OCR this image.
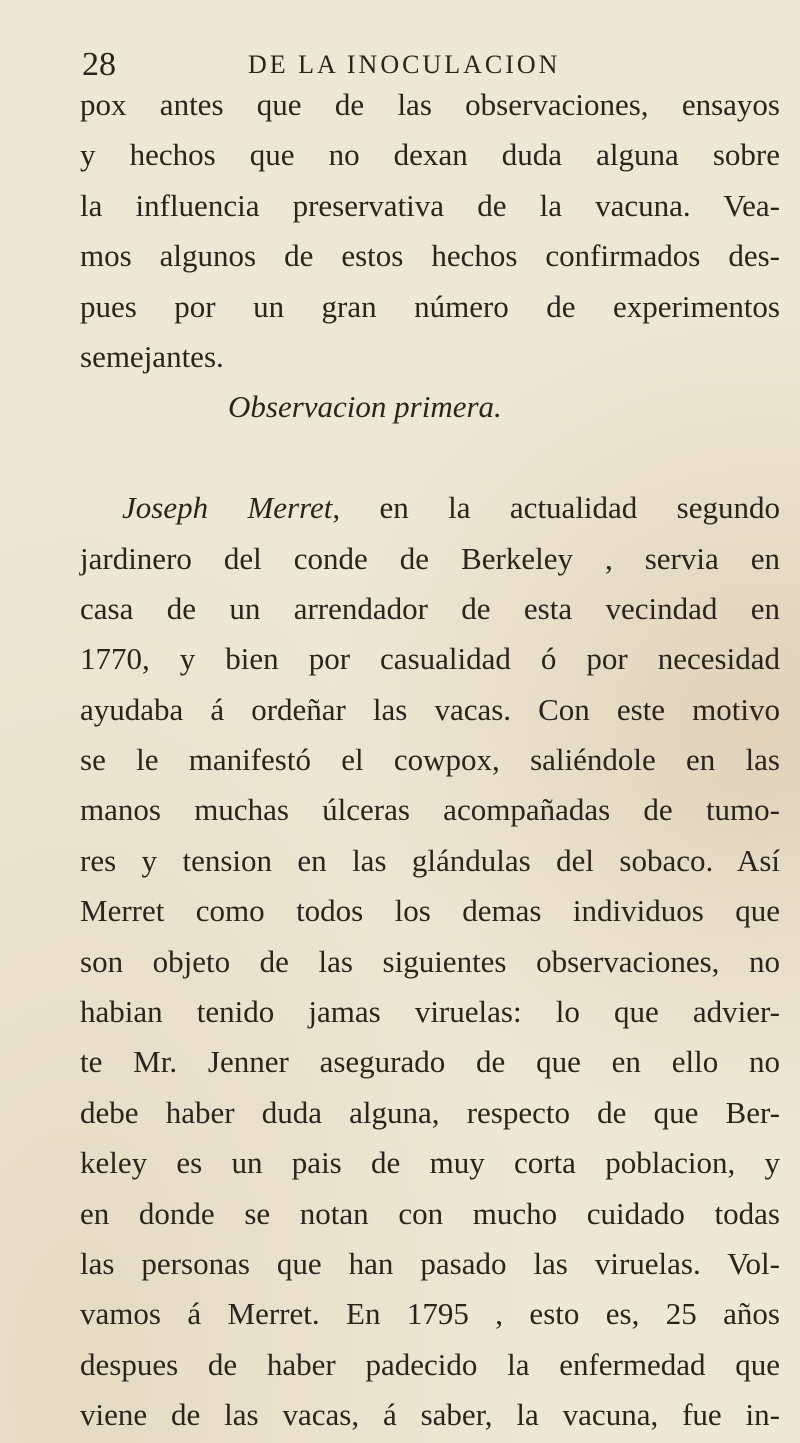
28	DE LA INOCULACION
pox antes que de las observaciones, ensayos
y hechos que no dexan duda alguna sobre
la influencia preservativa de la vacuna. Vea-
mos algunos de estos hechos confirmados des-
pues por un gran número de experimentos
semejantes.
Observacion primera.
Joseph Merret, en la actualidad segundo
jardinero del conde de Berkeley , servia en
casa de un arrendador de esta vecindad en
1770, y bien por casualidad ó por necesidad
ayudaba á ordeñar las vacas. Con este motivo
se le manifestó el cowpox, saliéndole en las
manos muchas úlceras acompañadas de tumo-
res y tension en las glándulas del sobaco. Así
Merret como todos los demas individuos que
son objeto de las siguientes observaciones, no
habian tenido jamas viruelas: lo que advier-
te Mr. Jenner asegurado de que en ello no
debe haber duda alguna, respecto de que Ber-
keley es un pais de muy corta poblacion, y
en donde se notan con mucho cuidado todas
las personas que han pasado las viruelas. Vol-
vamos á Merret. En 1795 , esto es, 25 años
despues de haber padecido la enfermedad que
viene de las vacas, á saber, la vacuna, fue in-
